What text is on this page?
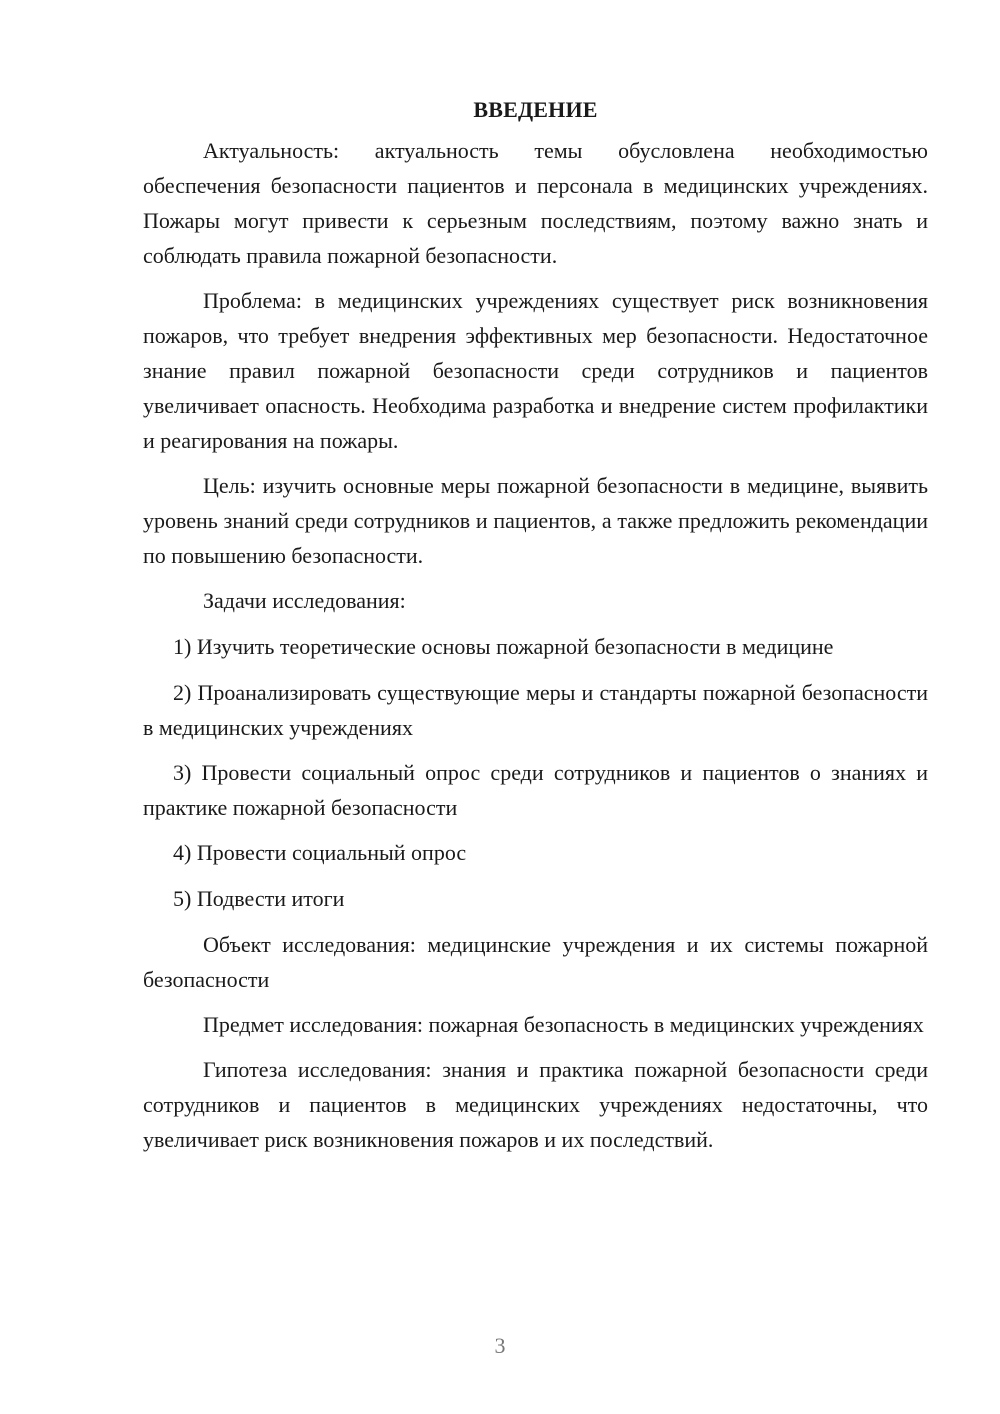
ВВЕДЕНИЕ

Актуальность: актуальность темы обусловлена необходимостью обеспечения безопасности пациентов и персонала в медицинских учреждениях. Пожары могут привести к серьезным последствиям, поэтому важно знать и соблюдать правила пожарной безопасности.

Проблема: в медицинских учреждениях существует риск возникновения пожаров, что требует внедрения эффективных мер безопасности. Недостаточное знание правил пожарной безопасности среди сотрудников и пациентов увеличивает опасность. Необходима разработка и внедрение систем профилактики и реагирования на пожары.

Цель: изучить основные меры пожарной безопасности в медицине, выявить уровень знаний среди сотрудников и пациентов, а также предложить рекомендации по повышению безопасности.

Задачи исследования:

1) Изучить теоретические основы пожарной безопасности в медицине

2) Проанализировать существующие меры и стандарты пожарной безопасности в медицинских учреждениях

3) Провести социальный опрос среди сотрудников и пациентов о знаниях и практике пожарной безопасности

4) Провести социальный опрос

5) Подвести итоги

Объект исследования: медицинские учреждения и их системы пожарной безопасности

Предмет исследования: пожарная безопасность в медицинских учреждениях

Гипотеза исследования: знания и практика пожарной безопасности среди сотрудников и пациентов в медицинских учреждениях недостаточны, что увеличивает риск возникновения пожаров и их последствий.

3
